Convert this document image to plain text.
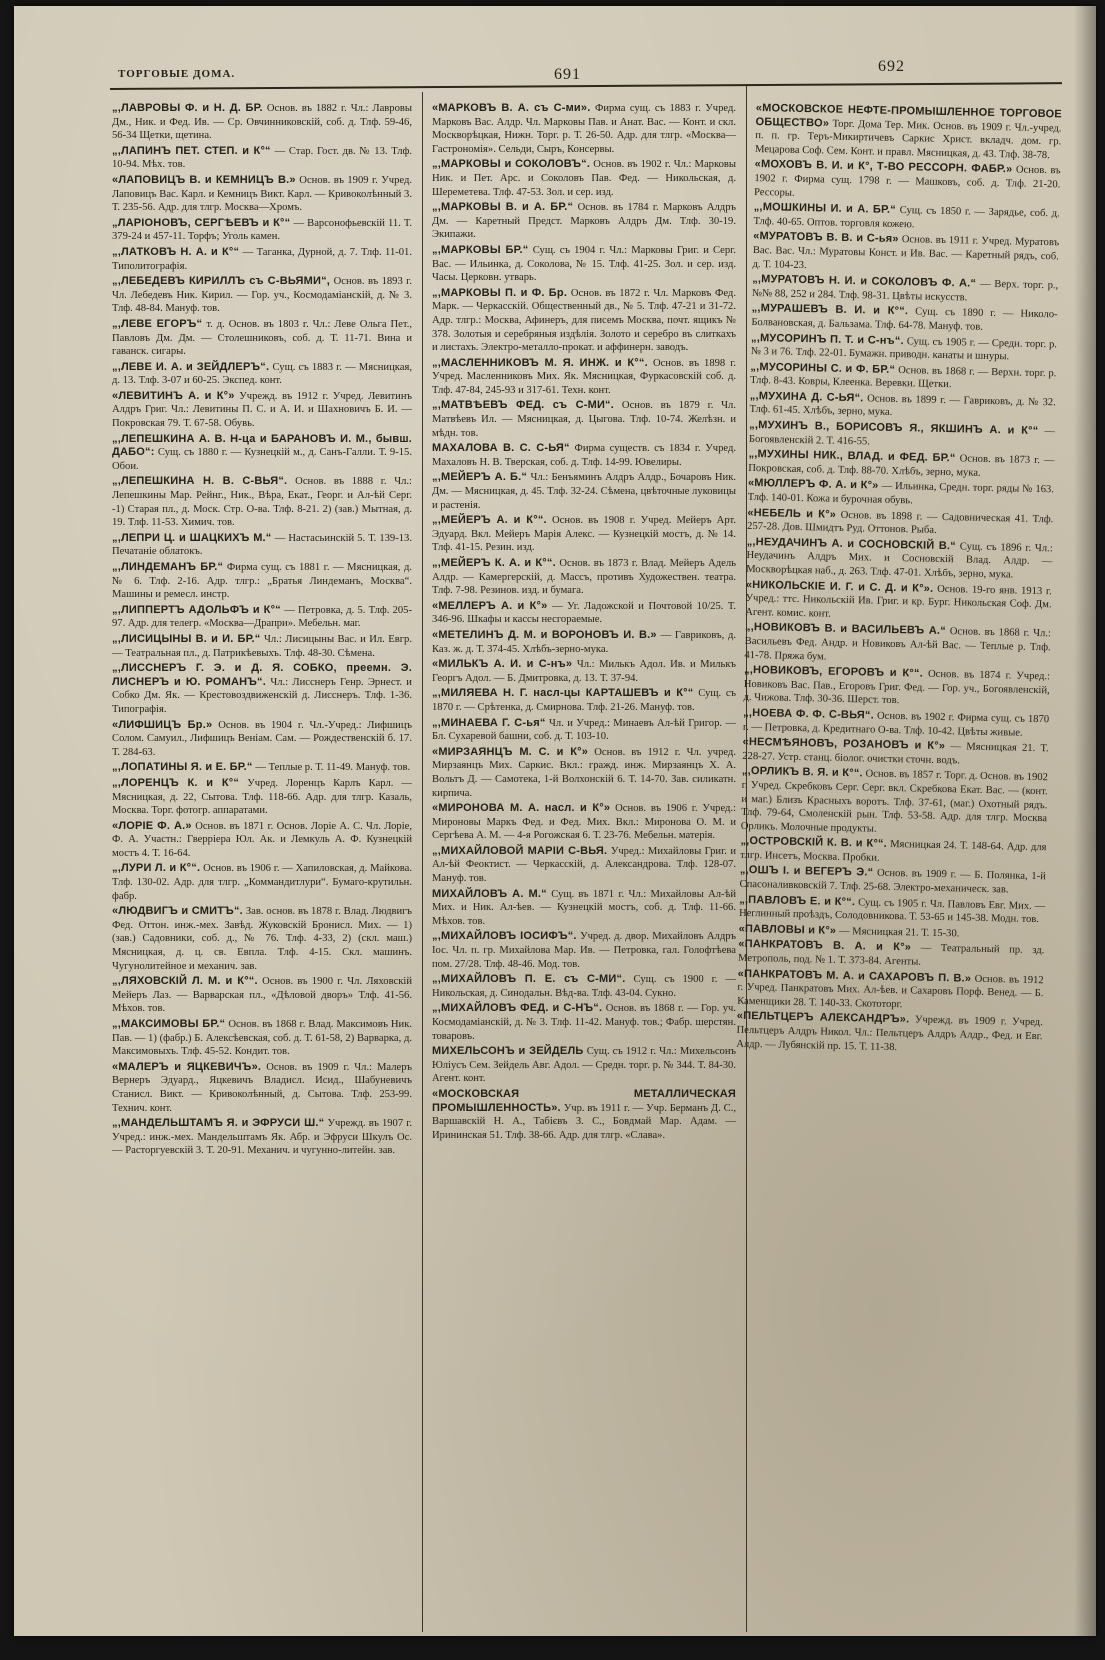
ТОРГОВЫЕ ДОМА.	691	692
„,ЛАВРОВЫ Ф. и Н. Д. БР. Основ. въ 1882 г. Чл.: Лавровы Дм., Ник. и Фед. Ив. — Ср. Овчинниковскій, соб. д. Тлф. 59-46, 56-34 Щетки, щетина.
„,ЛАПИНЪ ПЕТ. СТЕП. и К°“ — Стар. Гост. дв. № 13. Тлф. 10-94. Мѣх. тов.
«ЛАПОВИЦЪ В. и КЕМНИЦЪ В.» Основ. въ 1909 г. Учред. Лаповицъ Вас. Карл. и Кемницъ Викт. Карл. — Кривоколѣнный 3. Т. 235-56. Адр. для тлгр. Москва—Хромъ.
„ЛАРІОНОВЪ, СЕРГѢЕВЪ и К°“ — Варсонофьевскій 11. Т. 379-24 и 457-11. Торфъ; Уголь камен.
„,ЛАТКОВЪ Н. А. и К°“ — Таганка, Дурной, д. 7. Тлф. 11-01. Типолитографія.
„,ЛЕБЕДЕВЪ КИРИЛЛЪ съ С-ВЬЯМИ“, Основ. въ 1893 г. Чл. Лебедевъ Ник. Кирил. — Гор. уч., Космодаміанскій, д. № 3. Тлф. 48-84. Мануф. тов.
„,ЛЕВЕ ЕГОРЪ“ т. д. Основ. въ 1803 г. Чл.: Леве Ольга Пет., Павловъ Дм. Дм. — Столешниковъ, соб. д. Т. 11-71. Вина и гаванск. сигары.
„,ЛЕВЕ И. А. и ЗЕЙДЛЕРЪ“. Сущ. съ 1883 г. — Мясницкая, д. 13. Тлф. 3-07 и 60-25. Экспед. конт.
«ЛЕВИТИНЪ А. и К°» Учрежд. въ 1912 г. Учред. Левитинъ Алдръ Григ. Чл.: Левитины П. С. и А. И. и Шахновичъ Б. И. — Покровская 79. Т. 67-58. Обувь.
„,ЛЕПЕШКИНА А. В. Н-ца и БАРАНОВЪ И. М., бывш. ДАБО“: Сущ. съ 1880 г. — Кузнецкій м., д. Санъ-Галли. Т. 9-15. Обои.
„,ЛЕПЕШКИНА Н. В. С-ВЬЯ“. Основ. въ 1888 г. Чл.: Лепешкины Мар. Рейнг., Ник., Вѣра, Екат., Георг. и Ал-ѣй Серг. -1) Старая пл., д. Моск. Стр. О-ва. Тлф. 8-21. 2) (зав.) Мытная, д. 19. Тлф. 11-53. Химич. тов.
„,ЛЕПРИ Ц. и ШАЦКИХЪ М.“ — Настасьинскій 5. Т. 139-13. Печатаніе облатокъ.
„,ЛИНДЕМАНЪ БР.“ Фирма сущ. съ 1881 г. — Мясницкая, д. № 6. Тлф. 2-16. Адр. тлгр.: „Братья Линдеманъ, Москва“. Машины и ремесл. инстр.
„,ЛИППЕРТЪ АДОЛЬФЪ и К°“ — Петровка, д. 5. Тлф. 205-97. Адр. для телегр. «Москва—Драпри». Мебельн. маг.
„,ЛИСИЦЫНЫ В. и И. БР.“ Чл.: Лисицыны Вас. и Ил. Евгр. — Театральная пл., д. Патрикѣевыхъ. Тлф. 48-30. Сѣмена.
„,ЛИССНЕРЪ Г. Э. и Д. Я. СОБКО, преемн. Э. ЛИСНЕРЪ и Ю. РОМАНЪ“. Чл.: Лисснеръ Генр. Эрнест. и Собко Дм. Як. — Крестовоздвиженскій д. Лисснеръ. Тлф. 1-36. Типографія.
«ЛИФШИЦЪ Бр.» Основ. въ 1904 г. Чл.-Учред.: Лифшицъ Солом. Самуил., Лифшицъ Веніам. Сам. — Рождественскій б. 17. Т. 284-63.
„,ЛОПАТИНЫ Я. и Е. БР.“ — Теплые р. Т. 11-49. Мануф. тов.
„,ЛОРЕНЦЪ К. и К°“ Учред. Лоренцъ Карлъ Карл. — Мясницкая, д. 22, Сытова. Тлф. 118-66. Адр. для тлгр. Казаль, Москва. Торг. фотогр. аппаратами.
«ЛОРІЕ Ф. А.» Основ. въ 1871 г. Основ. Лоріе А. С. Чл. Лоріе, Ф. А. Участн.: Гверріера Юл. Ак. и Лемкуль А. Ф. Кузнецкій мостъ 4. Т. 16-64.
„,ЛУРИ Л. и К°“. Основ. въ 1906 г. — Хапиловская, д. Майкова. Тлф. 130-02. Адр. для тлгр. „Коммандитлури“. Бумаго-крутильн. фабр.
«ЛЮДВИГЪ и СМИТЪ“. Зав. основ. въ 1878 г. Влад. Людвигъ Фед. Оттон. инж.-мех. Завѣд. Жуковскій Бронисл. Мих. — 1) (зав.) Садовники, соб. д., № 76. Тлф. 4-33, 2) (скл. маш.) Мясницкая, д. ц. св. Евпла. Тлф. 4-15. Скл. машинъ. Чугунолитейное и механич. зав.
„,ЛЯХОВСКІЙ Л. М. и К°“. Основ. въ 1900 г. Чл. Ляховскій Мейеръ Лаз. — Варварская пл., «Дѣловой дворъ» Тлф. 41-56. Мѣхов. тов.
„,МАКСИМОВЫ БР.“ Основ. въ 1868 г. Влад. Максимовъ Ник. Пав. — 1) (фабр.) Б. Алексѣевская, соб. д. Т. 61-58, 2) Варварка, д. Максимовыхъ. Тлф. 45-52. Кондит. тов.
«МАЛЕРЪ и ЯЦКЕВИЧЪ». Основ. въ 1909 г. Чл.: Малеръ Вернеръ Эдуард., Яцкевичъ Владисл. Исид., Шабуневичъ Станисл. Викт. — Кривоколѣнный, д. Сытова. Тлф. 253-99. Технич. конт.
„,МАНДЕЛЬШТАМЪ Я. и ЭФРУСИ Ш.“ Учрежд. въ 1907 г. Учред.: инж.-мех. Мандельштамъ Як. Абр. и Эфруси Шкулъ Ос. — Расторгуевскій 3. Т. 20-91. Механич. и чугунно-литейн. зав.
«МАРКОВЪ В. А. съ С-ми». Фирма сущ. съ 1883 г. Учред. Марковъ Вас. Алдр. Чл. Марковы Пав. и Анат. Вас. — Конт. и скл. Москворѣцкая, Нижн. Торг. р. Т. 26-50. Адр. для тлгр. «Москва—Гастрономія». Сельди, Сыръ, Консервы.
„,МАРКОВЫ и СОКОЛОВЪ“. Основ. въ 1902 г. Чл.: Марковы Ник. и Пет. Арс. и Соколовъ Пав. Фед. — Никольская, д. Шереметева. Тлф. 47-53. Зол. и сер. изд.
„,МАРКОВЫ В. и А. БР.“ Основ. въ 1784 г. Марковъ Алдръ Дм. — Каретный Предст. Марковъ Алдръ Дм. Тлф. 30-19. Экипажи.
„,МАРКОВЫ БР.“ Сущ. съ 1904 г. Чл.: Марковы Григ. и Серг. Вас. — Ильинка, д. Соколова, № 15. Тлф. 41-25. Зол. и сер. изд. Часы. Церковн. утварь.
„,МАРКОВЫ П. и Ф. Бр. Основ. въ 1872 г. Чл. Марковъ Фед. Марк. — Черкасскій. Общественный дв., № 5. Тлф. 47-21 и 31-72. Адр. тлгр.: Москва, Афинеръ, для писемъ Москва, почт. ящикъ № 378. Золотыя и серебряныя издѣлія. Золото и серебро въ слиткахъ и листахъ. Электро-металло-прокат. и аффинерн. заводъ.
„,МАСЛЕННИКОВЪ М. Я. ИНЖ. и К°“. Основ. въ 1898 г. Учред. Масленниковъ Мих. Як. Мясницкая, Фуркасовскій соб. д. Тлф. 47-84, 245-93 и 317-61. Техн. конт.
„,МАТВѢЕВЪ ФЕД. съ С-МИ“. Основ. въ 1879 г. Чл. Матвѣевъ Ил. — Мясницкая, д. Цыгова. Тлф. 10-74. Желѣзн. и мѣдн. тов.
МАХАЛОВА В. С. С-ЬЯ“ Фирма существ. съ 1834 г. Учред. Махаловъ Н. В. Тверская, соб. д. Тлф. 14-99. Ювелиры.
„,МЕЙЕРЪ А. Б.“ Чл.: Бенъяминъ Алдръ Алдр., Бочаровъ Ник. Дм. — Мясницкая, д. 45. Тлф. 32-24. Сѣмена, цвѣточные луковицы и растенія.
„,МЕЙЕРЪ А. и К°“. Основ. въ 1908 г. Учред. Мейеръ Арт. Эдуард. Вкл. Мейеръ Марія Алекс. — Кузнецкій мостъ, д. № 14. Тлф. 41-15. Резин. изд.
„,МЕЙЕРЪ К. А. и К°“. Основ. въ 1873 г. Влад. Мейеръ Адель Алдр. — Камергерскій, д. Массъ, противъ Художествен. театра. Тлф. 7-98. Резинов. изд. и бумага.
«МЕЛЛЕРЪ А. и К°» — Уг. Ладожской и Почтовой 10/25. Т. 346-96. Шкафы и кассы несгораемые.
«МЕТЕЛИНЪ Д. М. и ВОРОНОВЪ И. В.» — Гавриковъ, д. Каз. ж. д. Т. 374-45. Хлѣбъ-зерно-мука.
«МИЛЬКЪ А. И. и С-нъ» Чл.: Милькъ Адол. Ив. и Милькъ Георгъ Адол. — Б. Дмитровка, д. 13. Т. 37-94.
„,МИЛЯЕВА Н. Г. насл-цы КАРТАШЕВЪ и К°“ Сущ. съ 1870 г. — Срѣтенка, д. Смирнова. Тлф. 21-26. Мануф. тов.
„,МИНАЕВА Г. С-ья“ Чл. и Учред.: Минаевъ Ал-ѣй Григор. — Бл. Сухаревой башни, соб. д. Т. 103-10.
«МИРЗАЯНЦЪ М. С. и К°» Основ. въ 1912 г. Чл. учред. Мирзаянцъ Мих. Саркис. Вкл.: гражд. инж. Мирзаянцъ Х. А. Вольтъ Д. — Самотека, 1-й Волхонскій 6. Т. 14-70. Зав. силикатн. кирпича.
«МИРОНОВА М. А. насл. и К°» Основ. въ 1906 г. Учред.: Мироновы Маркъ Фед. и Фед. Мих. Вкл.: Миронова О. М. и Сергѣева А. М. — 4-я Рогожская 6. Т. 23-76. Мебельн. матерія.
„,МИХАЙЛОВОЙ МАРІИ С-ВЬЯ. Учред.: Михайловы Григ. и Ал-ѣй Феоктист. — Черкасскій, д. Александрова. Тлф. 128-07. Мануф. тов.
МИХАЙЛОВЪ А. М.“ Сущ. въ 1871 г. Чл.: Михайловы Ал-ѣй Мих. и Ник. Ал-ѣев. — Кузнецкій мостъ, соб. д. Тлф. 11-66. Мѣхов. тов.
„,МИХАЙЛОВЪ ІОСИФЪ“. Учред. д. двор. Михайловъ Алдръ Іос. Чл. п. гр. Михайлова Мар. Ив. — Петровка, гал. Голофтѣева пом. 27/28. Тлф. 48-46. Мод. тов.
„,МИХАЙЛОВЪ П. Е. съ С-МИ“. Сущ. съ 1900 г. — Никольская, д. Синодальн. Вѣд-ва. Тлф. 43-04. Сукно.
„,МИХАЙЛОВЪ ФЕД. и С-НЪ“. Основ. въ 1868 г. — Гор. уч. Космодаміанскій, д. № 3. Тлф. 11-42. Мануф. тов.; Фабр. шерстян. товаровъ.
МИХЕЛЬСОНЪ и ЗЕЙДЕЛЬ Сущ. съ 1912 г. Чл.: Михельсонъ Юліусъ Сем. Зейдель Авг. Адол. — Средн. торг. р. № 344. Т. 84-30. Агент. конт.
«МОСКОВСКАЯ МЕТАЛЛИЧЕСКАЯ ПРОМЫШЛЕННОСТЬ». Учр. въ 1911 г. — Учр. Берманъ Д. С., Варшавскій Н. А., Табієвъ З. С., Бовдмай Мар. Адам. — Ирининская 51. Тлф. 38-66. Адр. для тлгр. «Слава».
«МОСКОВСКОЕ НЕФТЕ-ПРОМЫШЛЕННОЕ ТОРГОВОЕ ОБЩЕСТВО» Торг. Дома Тер. Мик. Основ. въ 1909 г. Чл.-учред. п. п. гр. Теръ-Микиртичевъ Саркис Христ. вкладч. дом. гр. Мецарова Соф. Сем. Конт. и правл. Мясницкая, д. 43. Тлф. 38-78.
«МОХОВЪ В. И. и К°, Т-ВО РЕССОРН. ФАБР.» Основ. въ 1902 г. Фирма сущ. 1798 г. — Машковъ, соб. д. Тлф. 21-20. Рессоры.
„,МОШКИНЫ И. и А. БР.“ Сущ. съ 1850 г. — Зарядье, соб. д. Тлф. 40-65. Оптов. торговля кожею.
«МУРАТОВЪ В. В. и С-ья» Основ. въ 1911 г. Учред. Муратовъ Вас. Вас. Чл.: Муратовы Конст. и Ив. Вас. — Каретный рядъ, соб. д. Т. 104-23.
„,МУРАТОВЪ Н. И. и СОКОЛОВЪ Ф. А.“ — Верх. торг. р., №№ 88, 252 и 284. Тлф. 98-31. Цвѣты искусств.
„,МУРАШЕВЪ В. И. и К°“. Сущ. съ 1890 г. — Николо-Болвановская, д. Бальзама. Тлф. 64-78. Мануф. тов.
„,МУСОРИНЪ П. Т. и С-нъ“. Сущ. съ 1905 г. — Средн. торг. р. № 3 и 76. Тлф. 22-01. Бумажн. приводн. канаты и шнуры.
„,МУСОРИНЫ С. и Ф. БР.“ Основ. въ 1868 г. — Верхн. торг. р. Тлф. 8-43. Ковры, Клеенка. Веревки. Щетки.
„,МУХИНА Д. С-ЬЯ“. Основ. въ 1899 г. — Гавриковъ, д. № 32. Тлф. 61-45. Хлѣбъ, зерно, мука.
„,МУХИНЪ В., БОРИСОВЪ Я., ЯКШИНЪ А. и К°“ — Богоявленскій 2. Т. 416-55.
„,МУХИНЫ НИК., ВЛАД. и ФЕД. БР.“ Основ. въ 1873 г. — Покровская, соб. д. Тлф. 88-70. Хлѣбъ, зерно, мука.
«МЮЛЛЕРЪ Ф. А. и К°» — Ильинка, Средн. торг. ряды № 163. Тлф. 140-01. Кожа и бурочная обувь.
«НЕБЕЛЬ и К°» Основ. въ 1898 г. — Садовническая 41. Тлф. 257-28. Дов. Шмидтъ Руд. Оттонов. Рыба.
„,НЕУДАЧИНЪ А. и СОСНОВСКІЙ В.“ Сущ. съ 1896 г. Чл.: Неудачинъ Алдръ Мих. и Сосновскій Влад. Алдр. — Москворѣцкая наб., д. 263. Тлф. 47-01. Хлѣбъ, зерно, мука.
«НИКОЛЬСКІЕ И. Г. и С. Д. и К°». Основ. 19-го янв. 1913 г. Учред.: ттс. Никольскій Ив. Григ. и кр. Бург. Никольская Соф. Дм. Агент. комис. конт.
„,НОВИКОВЪ В. и ВАСИЛЬЕВЪ А.“ Основ. въ 1868 г. Чл.: Васильевъ Фед. Андр. и Новиковъ Ал-ѣй Вас. — Теплые р. Тлф. 41-78. Пряжа бум.
„,НОВИКОВЪ, ЕГОРОВЪ и К°“. Основ. въ 1874 г. Учред.: Новиковъ Вас. Пав., Егоровъ Григ. Фед. — Гор. уч., Богоявленскій, д. Чижова. Тлф. 30-36. Шерст. тов.
„,НОЕВА Ф. Ф. С-ВЬЯ“. Основ. въ 1902 г. Фирма сущ. съ 1870 г. — Петровка, д. Кредитнаго О-ва. Тлф. 10-42. Цвѣты живые.
«НЕСМѢЯНОВЪ, РОЗАНОВЪ и К°» — Мясницкая 21. Т. 228-27. Устр. станц. біолог. очистки сточн. водъ.
„,ОРЛИКЪ В. Я. и К°“. Основ. въ 1857 г. Торг. д. Основ. въ 1902 г. Учред. Скребковъ Серг. Серг. вкл. Скребкова Екат. Вас. — (конт. и маг.) Близъ Красныхъ воротъ. Тлф. 37-61, (маг.) Охотный рядъ. Тлф. 79-64, Смоленскій рын. Тлф. 53-58. Адр. для тлгр. Москва Орликъ. Молочные продукты.
„,ОСТРОВСКІЙ К. В. и К°“. Мясницкая 24. Т. 148-64. Адр. для тлгр. Инсетъ, Москва. Пробки.
„,ОШЪ І. и ВЕГЕРЪ Э.“ Основ. въ 1909 г. — Б. Полянка, 1-й Спасоналивковскій 7. Тлф. 25-68. Электро-механическ. зав.
„,ПАВЛОВЪ Е. и К°“. Сущ. съ 1905 г. Чл. Павловъ Евг. Мих. — Неглинный проѣздъ, Солодовникова. Т. 53-65 и 145-38. Модн. тов.
«ПАВЛОВЫ и К°» — Мясницкая 21. Т. 15-30.
«ПАНКРАТОВЪ В. А. и К°» — Театральный пр. зд. Метрополь, под. № 1. Т. 373-84. Агенты.
«ПАНКРАТОВЪ М. А. и САХАРОВЪ П. В.» Основ. въ 1912 г. Учред. Панкратовъ Мих. Ал-ѣев. и Сахаровъ Порф. Венед. — Б. Каменщики 28. Т. 140-33. Скототорг.
«ПЕЛЬТЦЕРЪ АЛЕКСАНДРЪ». Учрежд. въ 1909 г. Учред. Пельтцеръ Алдръ Никол. Чл.: Пельтцеръ Алдръ Алдр., Фед. и Евг. Алдр. — Лубянскій пр. 15. Т. 11-38.
